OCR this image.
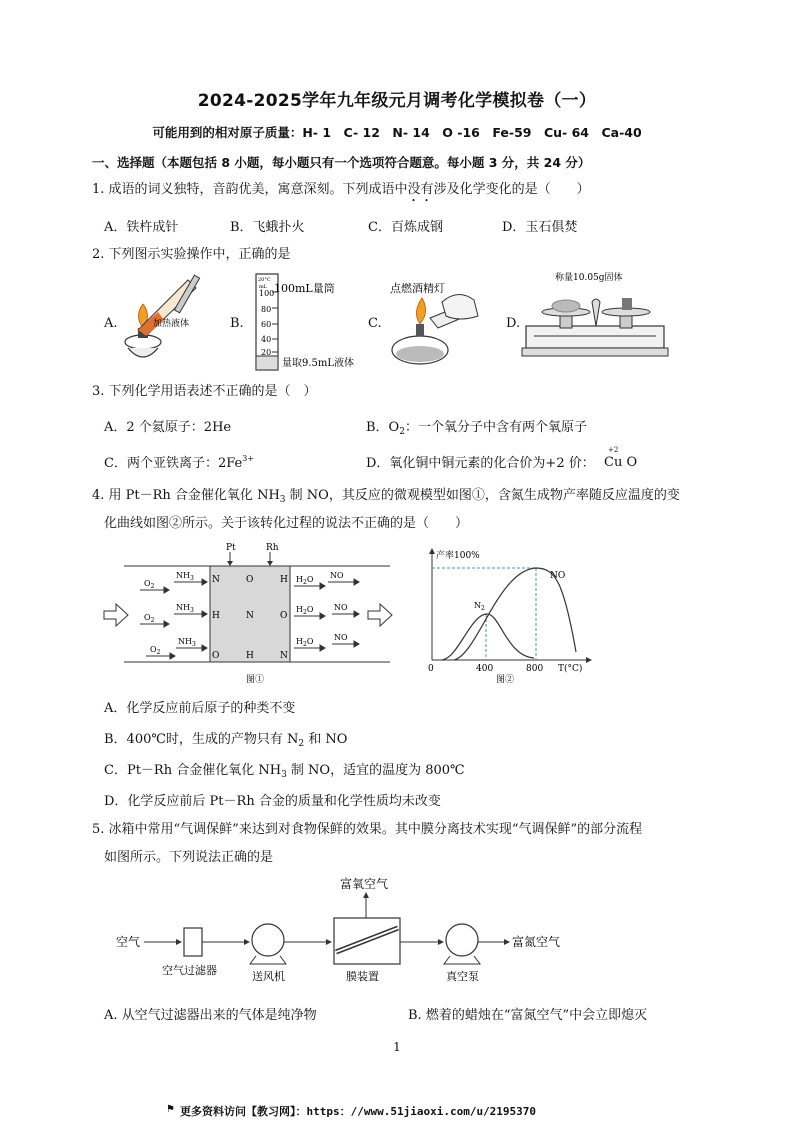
2024-2025学年九年级元月调考化学模拟卷（一）
可能用到的相对原子质量：H- 1　C- 12　N- 14　O -16　Fe-59　Cu- 64　Ca-40
一、选择题（本题包括 8 小题，每小题只有一个选项符合题意。每小题 3 分，共 24 分）
1. 成语的词义独特，音韵优美，寓意深刻。下列成语中没有涉及化学变化的是（　　）
A．铁杵成针	B．飞蛾扑火	C．百炼成钢	D．玉石俱焚
2. 下列图示实验操作中，正确的是
A.	B.	C.	D.
加热液体
20°C
mL
100
80
60
40
20
100mL量筒
量取9.5mL液体
点燃酒精灯
称量10.05g固体
3. 下列化学用语表述不正确的是（　）
A．2 个氦原子：2He	B．$O_2$：一个氧分子中含有两个氧原子
C．两个亚铁离子：$2Fe^{3+}$	D．氧化铜中铜元素的化合价为+2 价：
+2
Cu O
4. 用 Pt－Rh 合金催化氧化 $NH_3$ 制 NO，其反应的微观模型如图①，含氮生成物产率随反应温度的变
化曲线如图②所示。关于该转化过程的说法不正确的是（　　）
Pt	Rh
N	O	H
H	N	O
O	H	N
$O_2$
$NH_3$
$O_2$
$NH_3$
$O_2$
$NH_3$
$H_2O$ NO
$H_2O$	NO
$H_2O$	NO
图①
产率100%
$N_2$
NO
0	400	800 T(°C)
图②
A．化学反应前后原子的种类不变
B．400℃时，生成的产物只有 $N_2$ 和 NO
C．Pt－Rh 合金催化氧化 $NH_3$ 制 NO，适宜的温度为 800℃
D．化学反应前后 Pt－Rh 合金的质量和化学性质均未改变
5. 冰箱中常用“气调保鲜”来达到对食物保鲜的效果。其中膜分离技术实现“气调保鲜”的部分流程
如图所示。下列说法正确的是
空气
富氧空气
富氮空气
空气过滤器	送风机	膜装置	真空泵
A. 从空气过滤器出来的气体是纯净物	B. 燃着的蜡烛在“富氮空气”中会立即熄灭
1
⚑ 更多资料访问【教习网】：https：//www.51jiaoxi.com/u/2195370
